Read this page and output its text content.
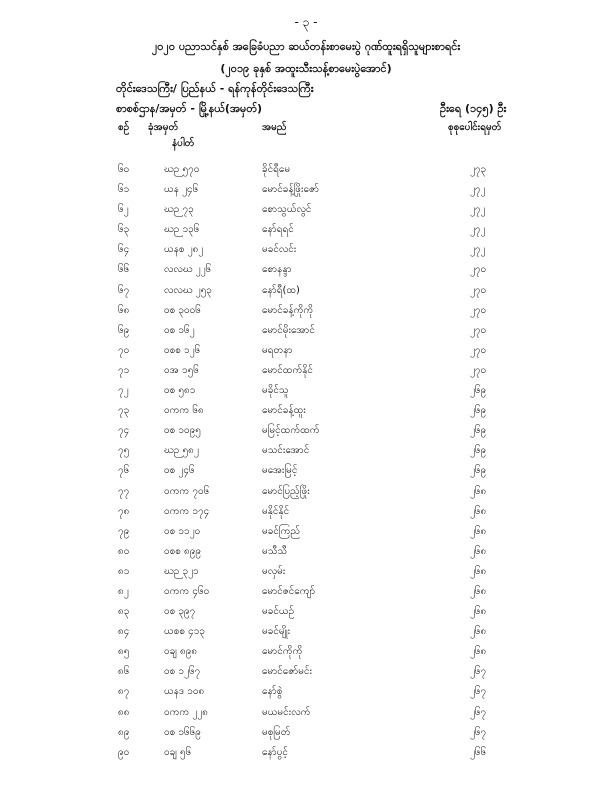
- ၃ -
၂၀၂၀ ပညာသင်နှစ် အခြေခံပညာ ဆယ်တန်းစာမေးပွဲ ဂုဏ်ထူးရရှိသူများစာရင်း
(၂၀၁၉ ခုနှစ် အထူးသီးသန့်စာမေးပွဲအောင်)
တိုင်းဒေသကြီး/ ပြည်နယ် - ရန်ကုန်တိုင်းဒေသကြီး
စာစစ်ဌာန/အမှတ် - မြို့နယ်(အမှတ်)	ဦးရေ (၁၄၅) ဦး
စဉ် ခုံအမှတ်
နံပါတ်
အမည်	စုစုပေါင်းရမှတ်
၆၀	ဃဉ ၅၇၀	ခိုင်ရီမေ	၂၇၃
၆၁	ယန ၂၄၆	မောင်ခန့်ဖြိုးဇော်	၂၇၂
၆၂	ဃဉ ၇၃	စောသွယ်လွင်	၂၇၂
၆၃	ဃဉ ၁၃၆	နော်ရရင်	၂၇၂
၆၄	ယနစ ၂၈၂	မခင်လင်း	၂၇၂
၆၆	လလဃ ၂၂၆	စောနန္ဒာ	၂၇၀
၆၇	လလဃ ၂၅၃	နော်ရီ(ထ)	၂၇၀
၆၈	ဝစ ၃၀၀၆	မောင်ခန့်ကိုကို	၂၇၀
၆၉	ဝစ ၁၆၂	မောင်မိုးအောင်	၂၇၀
၇၀	ဝစစ ၁၂၆	မရတနာ	၂၇၀
၇၁	ဝအ ၁၅၆	မောင်ထက်နိုင်	၂၇၀
၇၂	ဝစ ၅၈၁	မခိုင်သူ	၂၆၉
၇၃	ဝကက ၆၈	မောင်ခန့်ထူး	၂၆၉
၇၄	ဝစ ၁၀၉၅	မမြင့်ထက်ထက်	၂၆၉
၇၅	ဃဉ ၅၈၂	မသင်းအောင်	၂၆၉
၇၆	ဝစ ၂၄၆	မအေးမြင့်	၂၆၉
၇၇	ဝကက ၇၀၆	မောင်ပြည့်ဖြိုး	၂၆၈
၇၈	ဝကက ၁၇၄	မနိုင်နိုင်	၂၆၈
၇၉	ဝစ ၁၁၂၀	မခင်ကြည်	၂၆၈
၈၀	ဝစစ ၈၉၉	မသီသီ	၂၆၈
၈၁	ဃဉ ၃၂၁	မလှမ်း	၂၆၈
၈၂	ဝကက ၄၆၀	မောင်ဇင်ကျော်	၂၆၈
၈၃	ဝစ ၃၉၇	မခင်ယဉ်	၂၆၈
၈၄	ယစစ ၄၁၃	မခင်မျိုး	၂၆၈
၈၅	ဝချ ၈၉၈	မောင်ကိုကို	၂၆၈
၈၆	ဝစ ၁၂၆၇	မောင်ဇော်မင်း	၂၆၇
၈၇	ယနဒ ၁၀၈	နော်စွဲ	၂၆၇
၈၈	ဝကက ၂၂၈	မယမင်းလက်	၂၆၇
၈၉	ဝစ ၁၆၆၉	မစုမြတ်	၂၆၇
၉၀	ဝချ ၅၆	နော်ပွင့်	၂၆၆
